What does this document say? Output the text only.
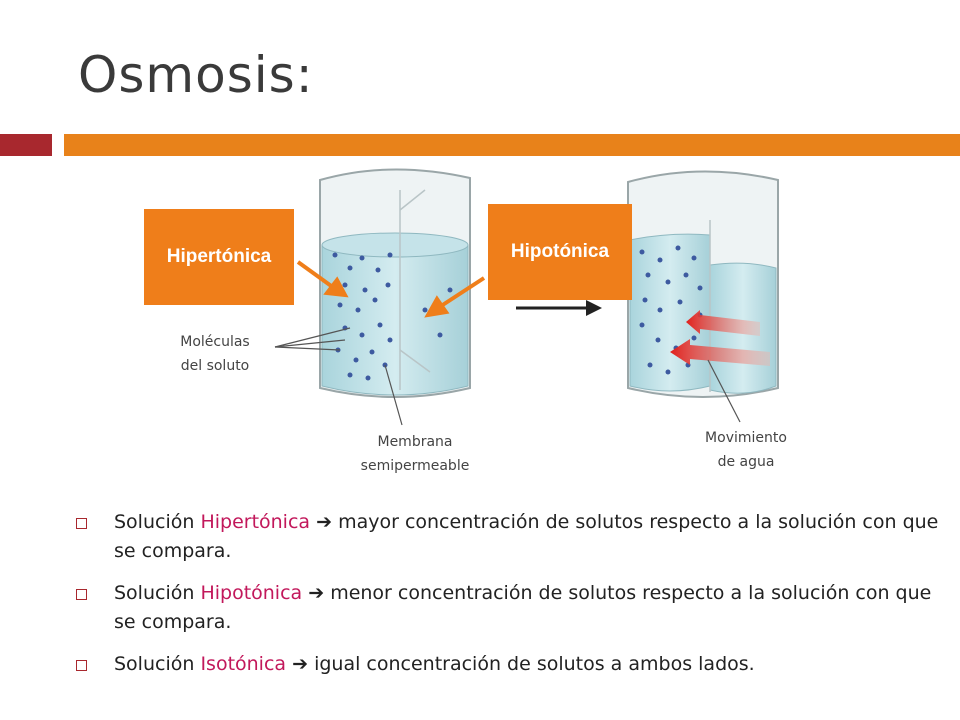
Osmosis:
Hipertónica	Hipotónica
Moléculas
del soluto
Membrana
semipermeable
Movimiento
de agua
Solución Hipertónica ➔ mayor concentración de solutos respecto a la solución con que se compara.
Solución Hipotónica ➔ menor concentración de solutos respecto a la solución con que se compara.
Solución Isotónica ➔ igual concentración de solutos a ambos lados.
